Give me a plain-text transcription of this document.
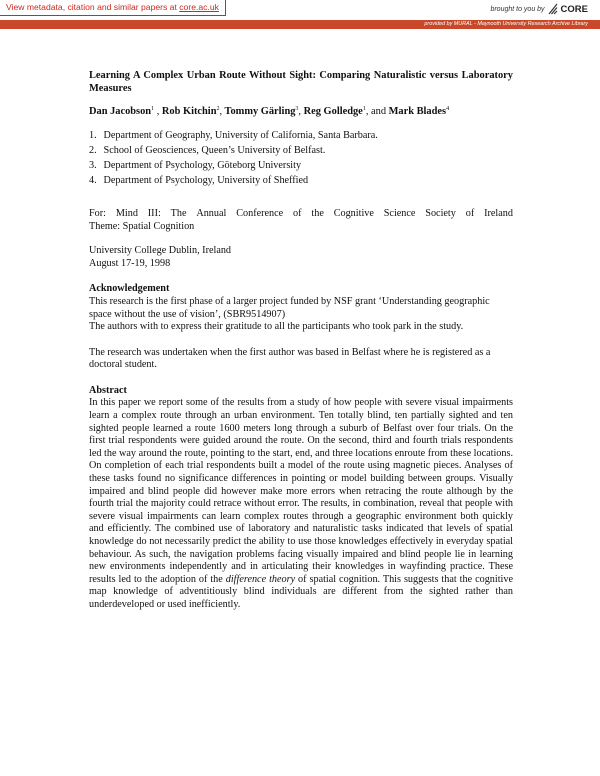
View metadata, citation and similar papers at core.ac.uk	brought to you by CORE
provided by MURAL - Maynooth University Research Archive Library

Learning A Complex Urban Route Without Sight: Comparing Naturalistic versus Laboratory Measures

Dan Jacobson$^1$ , Rob Kitchin$^2$, Tommy Gärling$^3$, Reg Golledge$^1$, and Mark Blades$^4$

1. Department of Geography, University of California, Santa Barbara.
2. School of Geosciences, Queen’s University of Belfast.
3. Department of Psychology, Göteborg University
4. Department of Psychology, University of Sheffied
For: Mind III: The Annual Conference of the Cognitive Science Society of Ireland
Theme: Spatial Cognition
University College Dublin, Ireland
August 17-19, 1998

Acknowledgement

This research is the first phase of a larger project funded by NSF grant ‘Understanding geographic
space without the use of vision’, (SBR9514907)
The authors with to express their gratitude to all the participants who took park in the study.

The research was undertaken when the first author was based in Belfast where he is registered as a doctoral student.

Abstract

In this paper we report some of the results from a study of how people with severe visual impairments learn a complex route through an urban environment. Ten totally blind, ten partially sighted and ten sighted people learned a route 1600 meters long through a suburb of Belfast over four trials. On the first trial respondents were guided around the route. On the second, third and fourth trials respondents led the way around the route, pointing to the start, end, and three locations enroute from these locations. On completion of each trial respondents built a model of the route using magnetic pieces. Analyses of these tasks found no significance differences in pointing or model building between groups. Visually impaired and blind people did however make more errors when retracing the route although by the fourth trial the majority could retrace without error. The results, in combination, reveal that people with severe visual impairments can learn complex routes through a geographic environment both quickly and efficiently. The combined use of laboratory and naturalistic tasks indicated that levels of spatial knowledge do not necessarily predict the ability to use those knowledges effectively in everyday spatial behaviour. As such, the navigation problems facing visually impaired and blind people lie in learning new environments independently and in articulating their knowledges in wayfinding practice. These results led to the adoption of the difference theory of spatial cognition. This suggests that the cognitive map knowledge of adventitiously blind individuals are different from the sighted rather than underdeveloped or used inefficiently.
